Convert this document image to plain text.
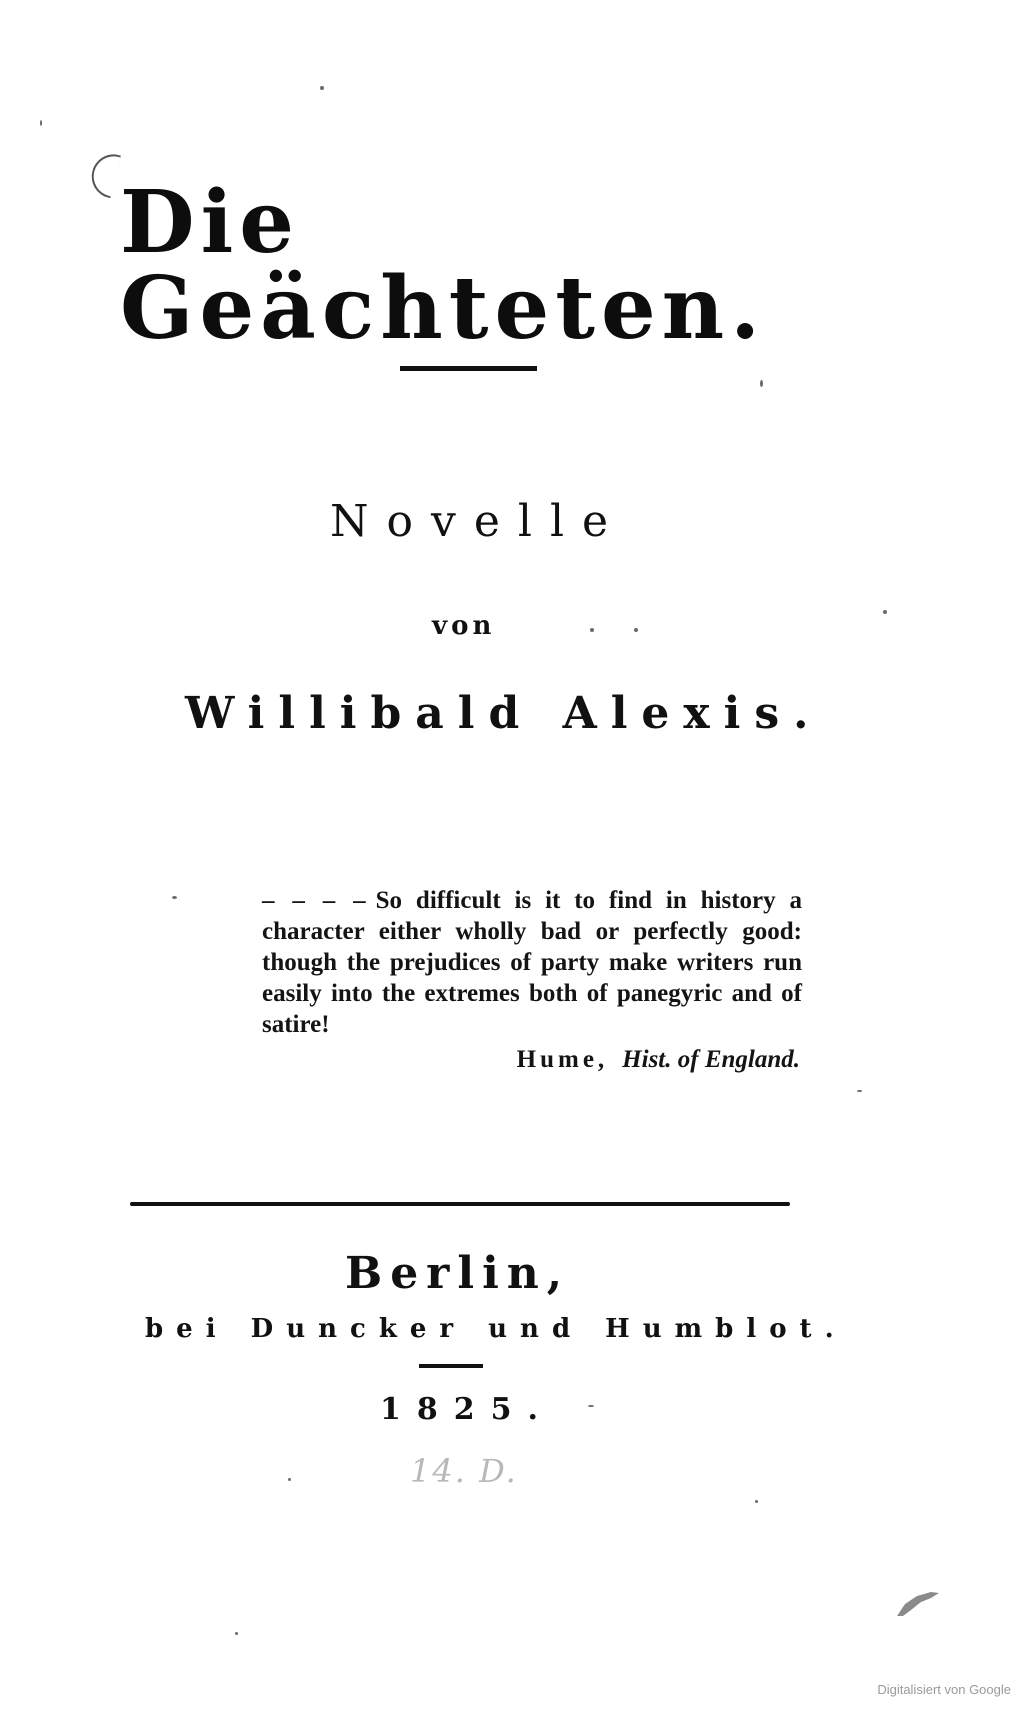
Die Geächteten.
Novelle
von
Willibald Alexis.
– – – – So difficult is it to find in history a character either wholly bad or perfectly good: though the prejudices of party make writers run easily into the extremes both of panegyric and of satire!
Hume, Hist. of England.
Berlin,
bei Duncker und Humblot.
1825.
14. D.
Digitalisiert von Google
